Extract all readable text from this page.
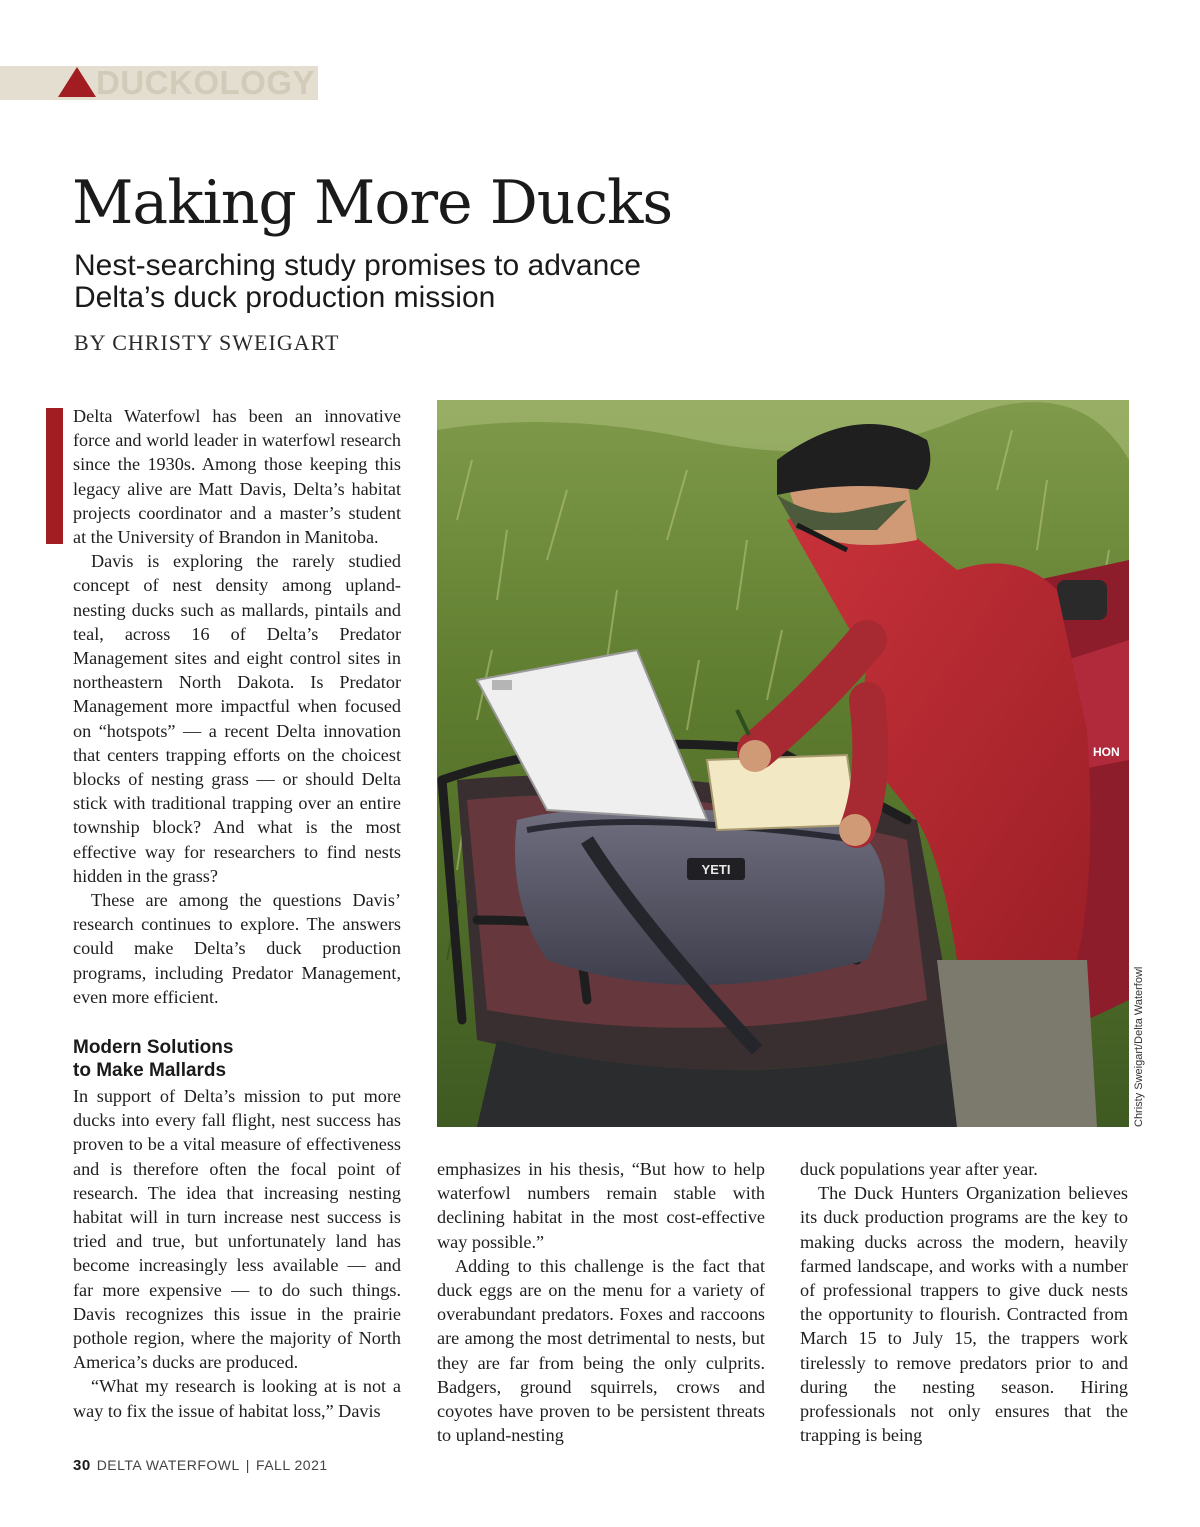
DUCKOLOGY
Making More Ducks
Nest-searching study promises to advance
Delta’s duck production mission
BY CHRISTY SWEIGART

Delta Waterfowl has been an innovative force and world leader in waterfowl research since the 1930s. Among those keeping this legacy alive are Matt Davis, Delta’s habitat projects coordinator and a master’s student at the University of Brandon in Manitoba.

Davis is exploring the rarely studied concept of nest density among upland-nesting ducks such as mallards, pintails and teal, across 16 of Delta’s Predator Management sites and eight control sites in northeastern North Dakota. Is Predator Management more impactful when focused on “hotspots” — a recent Delta innovation that centers trapping efforts on the choicest blocks of nesting grass — or should Delta stick with traditional trapping over an entire township block? And what is the most effective way for researchers to find nests hidden in the grass?

These are among the questions Davis’ research continues to explore. The answers could make Delta’s duck production programs, including Predator Management, even more efficient.

Modern Solutions
to Make Mallards

In support of Delta’s mission to put more ducks into every fall flight, nest success has proven to be a vital measure of effectiveness and is therefore often the focal point of research. The idea that increasing nesting habitat will in turn increase nest success is tried and true, but unfortunately land has become increasingly less available — and far more expensive — to do such things. Davis recognizes this issue in the prairie pothole region, where the majority of North America’s ducks are produced.

“What my research is looking at is not a way to fix the issue of habitat loss,” Davis

HON
YETI
Christy Sweigart/Delta Waterfowl

emphasizes in his thesis, “But how to help waterfowl numbers remain stable with declining habitat in the most cost-effective way possible.”

Adding to this challenge is the fact that duck eggs are on the menu for a variety of overabundant predators. Foxes and raccoons are among the most detrimental to nests, but they are far from being the only culprits. Badgers, ground squirrels, crows and coyotes have proven to be persistent threats to upland-nesting

duck populations year after year.

The Duck Hunters Organization believes its duck production programs are the key to making ducks across the modern, heavily farmed landscape, and works with a number of professional trappers to give duck nests the opportunity to flourish. Contracted from March 15 to July 15, the trappers work tirelessly to remove predators prior to and during the nesting season. Hiring professionals not only ensures that the trapping is being

30 DELTA WATERFOWL | FALL 2021
